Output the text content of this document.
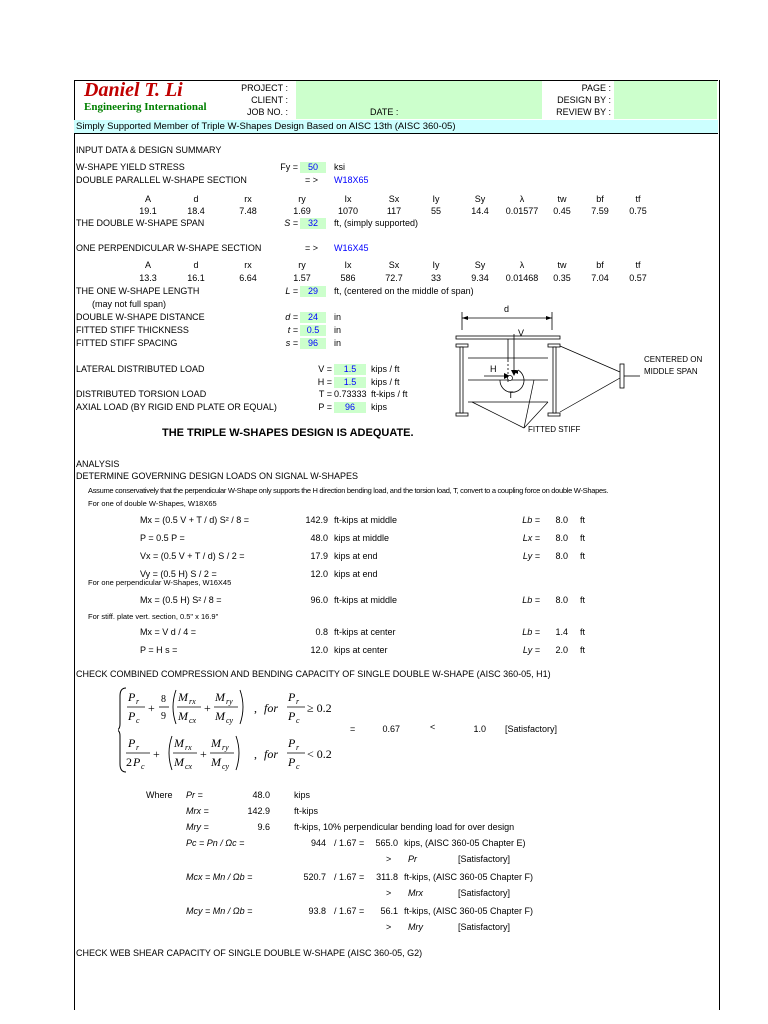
Daniel T. Li
Engineering International
PROJECT :
CLIENT :
JOB NO. :	DATE :
PAGE :
DESIGN BY :
REVIEW BY :
Simply Supported Member of Triple W-Shapes Design Based on AISC 13th (AISC 360-05)
INPUT DATA & DESIGN SUMMARY
W-SHAPE YIELD STRESS	Fy =	50	ksi
DOUBLE PARALLEL W-SHAPE SECTION	= > W18X65
A	d	rx	ry	Ix	Sx	Iy	Sy	λ	tw	bf	tf
19.1	18.4	7.48	1.69	1070	117	55	14.4	0.01577	0.45	7.59	0.75
THE DOUBLE W-SHAPE SPAN	S =	32	ft, (simply supported)
ONE PERPENDICULAR W-SHAPE SECTION	= > W16X45
A	d	rx	ry	Ix	Sx	Iy	Sy	λ	tw	bf	tf
13.3	16.1	6.64	1.57	586	72.7	33	9.34	0.01468	0.35	7.04	0.57
THE ONE W-SHAPE LENGTH
(may not full span)
L =	29	ft, (centered on the middle of span)
DOUBLE W-SHAPE DISTANCE	d =	24	in
FITTED STIFF THICKNESS	t = 0.5	in
FITTED STIFF SPACING	s =	96	in
LATERAL DISTRIBUTED LOAD	V =	1.5	kips / ft
H =	1.5	kips / ft
DISTRIBUTED TORSION LOAD	T = 0.73333 ft-kips / ft
AXIAL LOAD (BY RIGID END PLATE OR EQUAL)	P =	96	kips
THE TRIPLE W-SHAPES DESIGN IS ADEQUATE.
d
V
H
T
CENTERED ON
MIDDLE SPAN
FITTED STIFF
ANALYSIS
DETERMINE GOVERNING DESIGN LOADS ON SIGNAL W-SHAPES
Assume conservatively that the perpendicular W-Shape only supports the H direction bending load, and the torsion load, T, convert to a coupling force on double W-Shapes.
For one of double W-Shapes, W18X65
Mx = (0.5 V + T / d) S² / 8 =	142.9 ft-kips at middle	Lb =	8.0 ft
P = 0.5 P =	48.0 kips at middle	Lx =	8.0 ft
Vx = (0.5 V + T / d) S / 2 =	17.9 kips at end	Ly =	8.0 ft
Vy = (0.5 H) S / 2 =	12.0 kips at end
For one perpendicular W-Shapes, W16X45
Mx = (0.5 H) S² / 8 =	96.0 ft-kips at middle	Lb =	8.0 ft
For stiff. plate vert. section, 0.5" x 16.9"
Mx = V d / 4 =	0.8 ft-kips at center	Lb =	1.4 ft
P = H s =	12.0 kips at center	Ly =	2.0 ft
CHECK COMBINED COMPRESSION AND BENDING CAPACITY OF SINGLE DOUBLE W-SHAPE (AISC 360-05, H1)
P r
P c
+
8
9
M rx
M cx
+
M ry
M cy
, for
P r
P c
≥ 0.2
P r
2 P c
+
M rx
M cx
+
M ry
M cy
, for
P r
P c
< 0.2
=	0.67	<	1.0 [Satisfactory]
Where Pr =	48.0	kips
Mrx =	142.9	ft-kips
Mry =	9.6	ft-kips, 10% perpendicular bending load for over design
Pc = Pn / Ωc =	944 / 1.67 =	565.0 kips, (AISC 360-05 Chapter E)
> Pr	[Satisfactory]
Mcx = Mn / Ωb =	520.7 / 1.67 =	311.8 ft-kips, (AISC 360-05 Chapter F)
> Mrx	[Satisfactory]
Mcy = Mn / Ωb =	93.8 / 1.67 =	56.1 ft-kips, (AISC 360-05 Chapter F)
> Mry	[Satisfactory]
CHECK WEB SHEAR CAPACITY OF SINGLE DOUBLE W-SHAPE (AISC 360-05, G2)
